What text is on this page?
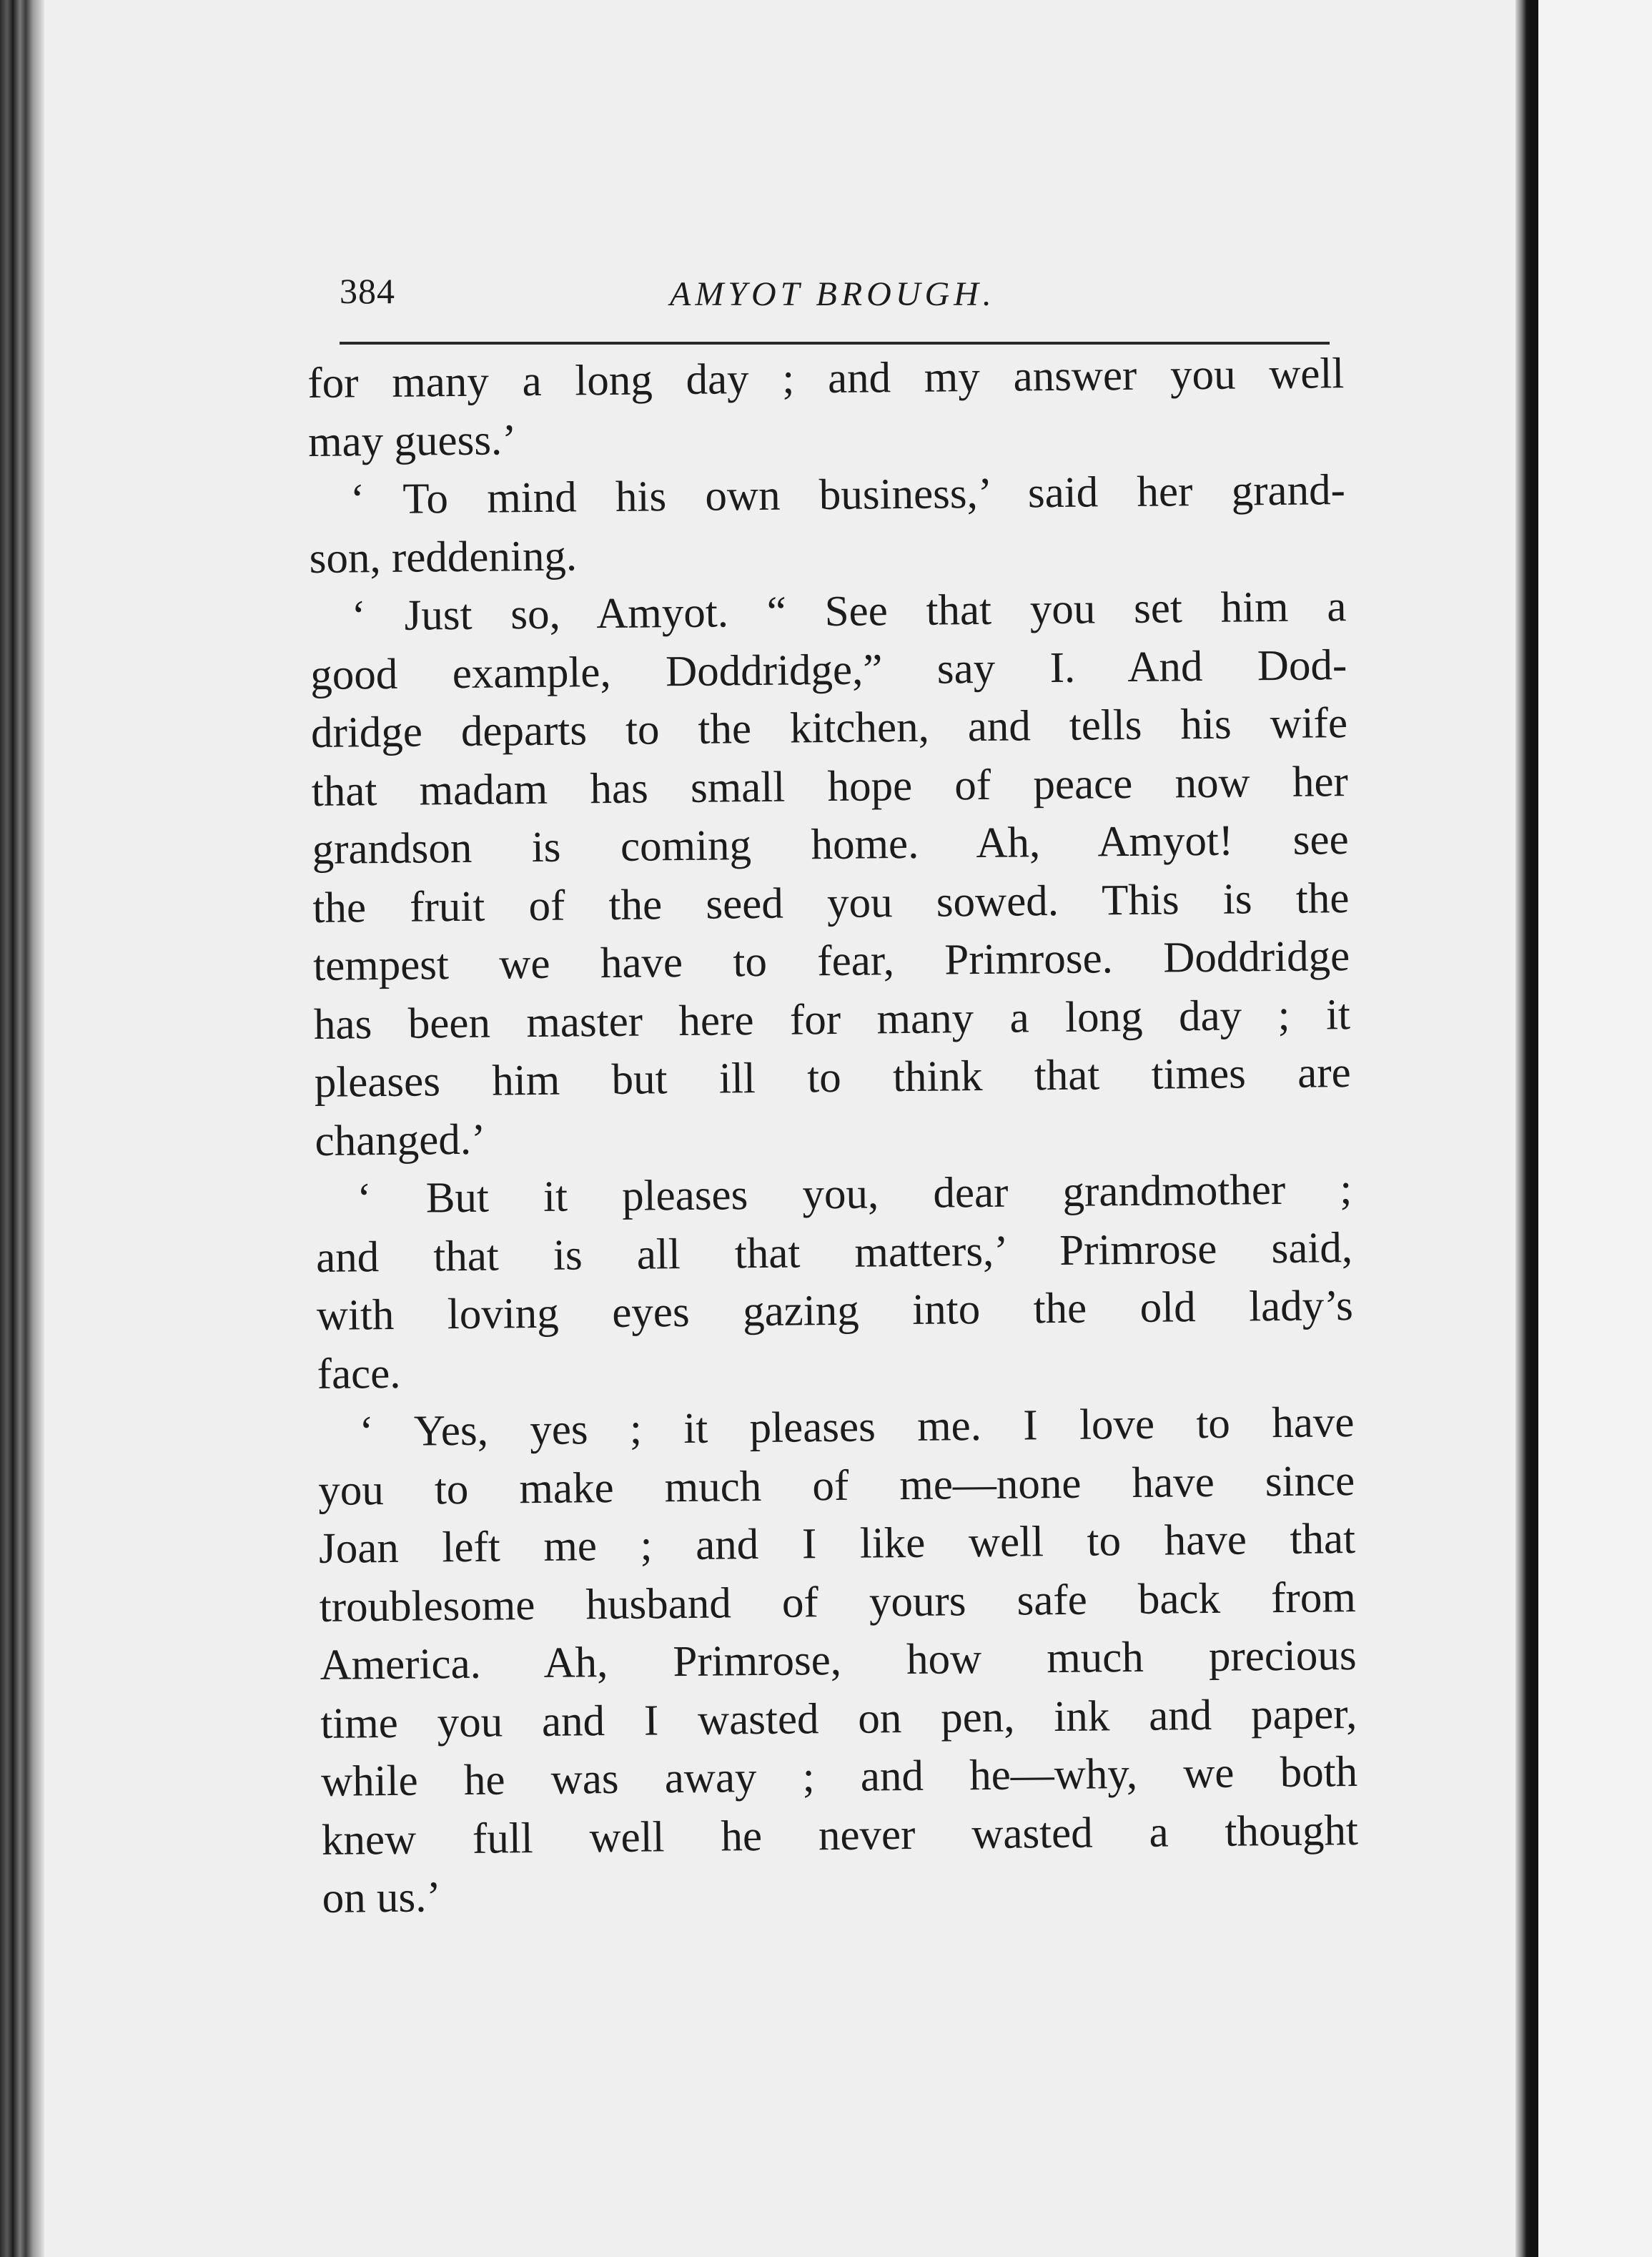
384	AMYOT BROUGH.

for many a long day ; and my answer you well
may guess.’

‘ To mind his own business,’ said her grand-
son, reddening.

‘ Just so, Amyot. “ See that you set him a
good example, Doddridge,” say I. And Dod-
dridge departs to the kitchen, and tells his wife
that madam has small hope of peace now her
grandson is coming home. Ah, Amyot! see
the fruit of the seed you sowed. This is the
tempest we have to fear, Primrose. Doddridge
has been master here for many a long day ; it
pleases him but ill to think that times are
changed.’

‘ But it pleases you, dear grandmother ;
and that is all that matters,’ Primrose said,
with loving eyes gazing into the old lady’s
face.

‘ Yes, yes ; it pleases me. I love to have
you to make much of me—none have since
Joan left me ; and I like well to have that
troublesome husband of yours safe back from
America. Ah, Primrose, how much precious
time you and I wasted on pen, ink and paper,
while he was away ; and he—why, we both
knew full well he never wasted a thought
on us.’
